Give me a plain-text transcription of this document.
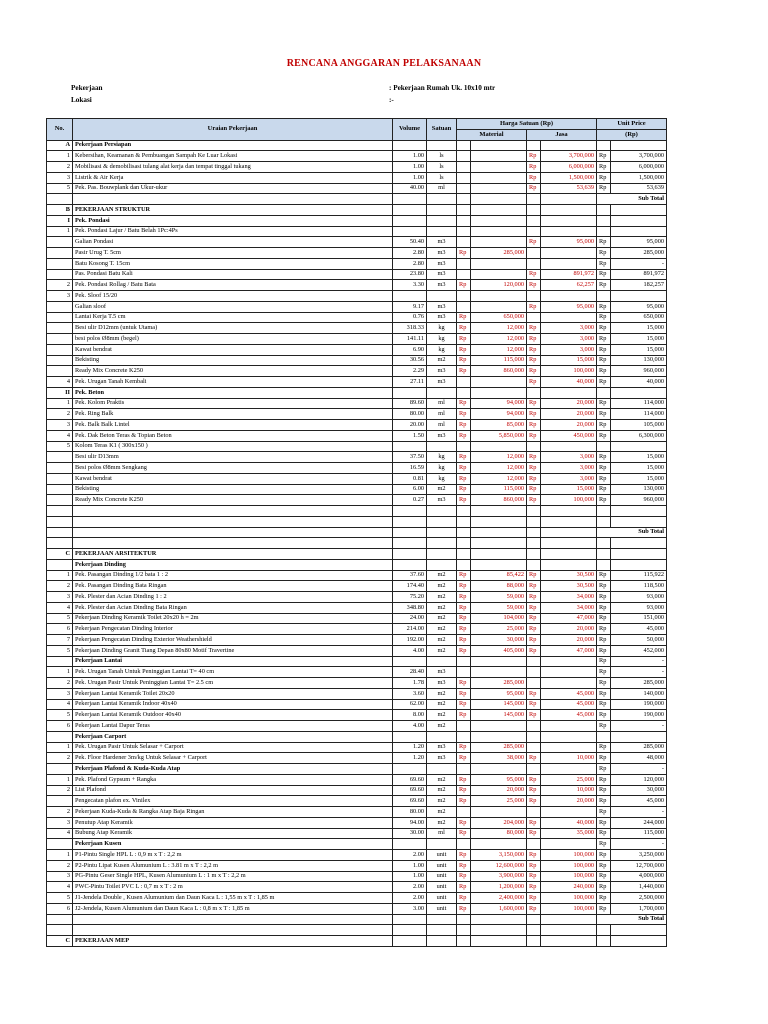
RENCANA ANGGARAN PELAKSANAAN
Pekerjaan	: Pekerjaan Rumah Uk. 10x10 mtr
Lokasi	:-
No.	Uraian Pekerjaan	Volume	Satuan	Harga Satuan (Rp)				Unit Price	
				Material		Jasa		(Rp)	
A	Pekerjaan Persiapan								
1	Kebersihan, Keamanan & Pembuangan Sampah Ke Luar Lokasi	1.00	ls			Rp	3,700,000	Rp	3,700,000
2	Mobilisasi & demobilisasi tulang alat kerja dan tempat tinggal tukang	1.00	ls			Rp	6,000,000	Rp	6,000,000
3	Listrik & Air Kerja	1.00	ls			Rp	1,500,000	Rp	1,500,000
5	Pek. Pas. Bouwplank dan Ukur-ukur	40.00	ml			Rp	53,639	Rp	53,639
								Sub Total	
B	PEKERJAAN STRUKTUR								
I	Pek. Pondasi								
1	Pek. Pondasi Lajur / Batu Belah 1Pc:4Ps								
	Galian Pondasi	50.40	m3			Rp	95,000	Rp	95,000
	Pasir Urug T. 5cm	2.80	m3	Rp	285,000			Rp	285,000
	Batu Kosong T. 15cm	2.80	m3					Rp	-
	Pas. Pondasi Batu Kali	23.80	m3			Rp	891,972	Rp	891,972
2	Pek. Pondasi Rollag / Batu Bata	3.30	m3	Rp	120,000	Rp	62,257	Rp	182,257
3	Pek. Sloof 15/20								
	Galian sloof	9.17	m3			Rp	95,000	Rp	95,000
	Lantai Kerja T.5 cm	0.76	m3	Rp	650,000			Rp	650,000
	Besi ulir D12mm (untuk Utama)	318.33	kg	Rp	12,000	Rp	3,000	Rp	15,000
	besi polos Ø8mm (begel)	141.11	kg	Rp	12,000	Rp	3,000	Rp	15,000
	Kawat bendrat	6.90	kg	Rp	12,000	Rp	3,000	Rp	15,000
	Bekisting	30.56	m2	Rp	115,000	Rp	15,000	Rp	130,000
	Ready Mix Concrete K250	2.29	m3	Rp	860,000	Rp	100,000	Rp	960,000
4	Pek. Urugan Tanah Kembali	27.11	m3			Rp	40,000	Rp	40,000
II	Pek. Beton								
1	Pek. Kolom Praktis	89.60	ml	Rp	94,000	Rp	20,000	Rp	114,000
2	Pek. Ring Balk	80.00	ml	Rp	94,000	Rp	20,000	Rp	114,000
3	Pek. Balk Balk Lintel	20.00	ml	Rp	85,000	Rp	20,000	Rp	105,000
4	Pek. Dak Beton Teras & Topian Beton	1.50	m3	Rp	5,850,000	Rp	450,000	Rp	6,300,000
5	Kolom Teras K1 ( 300x150 )								
	Besi ulir D13mm	37.50	kg	Rp	12,000	Rp	3,000	Rp	15,000
	Besi polos Ø8mm Sengkang	16.59	kg	Rp	12,000	Rp	3,000	Rp	15,000
	Kawat bendrat	0.81	kg	Rp	12,000	Rp	3,000	Rp	15,000
	Bekisting	6.00	m2	Rp	115,000	Rp	15,000	Rp	130,000
	Ready Mix Concrete K250	0.27	m3	Rp	860,000	Rp	100,000	Rp	960,000

								Sub Total	

C	PEKERJAAN ARSITEKTUR								
	Pekerjaan Dinding								
1	Pek. Pasangan Dinding 1/2 bata 1 : 2	37.60	m2	Rp	85,422	Rp	30,500	Rp	115,922
2	Pek. Pasangan Dinding Bata Ringan	174.40	m2	Rp	88,000	Rp	30,500	Rp	118,500
3	Pek. Plester dan Acian Dinding 1 : 2	75.20	m2	Rp	59,000	Rp	34,000	Rp	93,000
4	Pek. Plester dan Acian Dinding Bata Ringan	348.80	m2	Rp	59,000	Rp	34,000	Rp	93,000
5	Pekerjaan Dinding Keramik Toilet 20x20 h = 2m	24.00	m2	Rp	104,000	Rp	47,000	Rp	151,000
6	Pekerjaan Pengecatan Dinding Interior	214.00	m2	Rp	25,000	Rp	20,000	Rp	45,000
7	Pekerjaan Pengecatan Dinding Exterior Weathershield	192.00	m2	Rp	30,000	Rp	20,000	Rp	50,000
5	Pekerjaan Dinding Granit Tiang Depan 80x80 Motif Travertine	4.00	m2	Rp	405,000	Rp	47,000	Rp	452,000
	Pekerjaan Lantai							Rp	-
1	Pek. Urugan Tanah Untuk Peninggian Lantai T= 40 cm	28.40	m3					Rp	-
2	Pek. Urugan Pasir Untuk Peninggian Lantai T= 2.5 cm	1.78	m3	Rp	285,000			Rp	285,000
3	Pekerjaan Lantai Keramik Toilet 20x20	3.60	m2	Rp	95,000	Rp	45,000	Rp	140,000
4	Pekerjaan Lantai Keramik Indoor 40x40	62.00	m2	Rp	145,000	Rp	45,000	Rp	190,000
5	Pekerjaan Lantai Keramik Outdoor 40x40	8.00	m2	Rp	145,000	Rp	45,000	Rp	190,000
6	Pekerjaan Lantai Dapur Teras	4.00	m2					Rp	-
	Pekerjaan Carport								
1	Pek. Urugan Pasir Untuk Selasar + Carport	1.20	m3	Rp	285,000			Rp	285,000
2	Pek. Floor Hardener 3m/kg Untuk Selasar + Carport	1.20	m3	Rp	38,000	Rp	10,000	Rp	48,000
	Pekerjaan Plafond & Kuda-Kuda Atap							Rp	-
1	Pek. Plafond Gypsum + Rangka	69.60	m2	Rp	95,000	Rp	25,000	Rp	120,000
2	List Plafond	69.60	m2	Rp	20,000	Rp	10,000	Rp	30,000
	Pengecatan plafon ex. Vinilex	69.60	m2	Rp	25,000	Rp	20,000	Rp	45,000
2	Pekerjaan Kuda-Kuda & Rangka Atap Baja Ringan	80.00	m2					Rp	-
3	Penutup Atap Keramik	94.00	m2	Rp	204,000	Rp	40,000	Rp	244,000
4	Bubung Atap Keramik	30.00	ml	Rp	80,000	Rp	35,000	Rp	115,000
	Pekerjaan Kusen							Rp	-
1	P1-Pintu Single HPL L : 0,9 m x T : 2,2 m	2.00	unit	Rp	3,150,000	Rp	100,000	Rp	3,250,000
2	P2-Pintu Lipat Kusen Alumunium L : 3.81 m x T : 2,2 m	1.00	unit	Rp	12,600,000	Rp	100,000	Rp	12,700,000
3	PG-Pintu Geser Single HPL, Kusen Alumunium L : 1 m x T : 2,2 m	1.00	unit	Rp	3,900,000	Rp	100,000	Rp	4,000,000
4	PWC-Pintu Toilet PVC L : 0,7 m x T : 2 m	2.00	unit	Rp	1,200,000	Rp	240,000	Rp	1,440,000
5	J1-Jendela Double , Kusen Alumunium dan Daun Kaca L : 1,55 m x T : 1,85 m	2.00	unit	Rp	2,400,000	Rp	100,000	Rp	2,500,000
6	J2-Jendela, Kusen Alumunium dan Daun Kaca L : 0,8 m x T : 1,85 m	3.00	unit	Rp	1,600,000	Rp	100,000	Rp	1,700,000
								Sub Total	

C	PEKERJAAN MEP								
